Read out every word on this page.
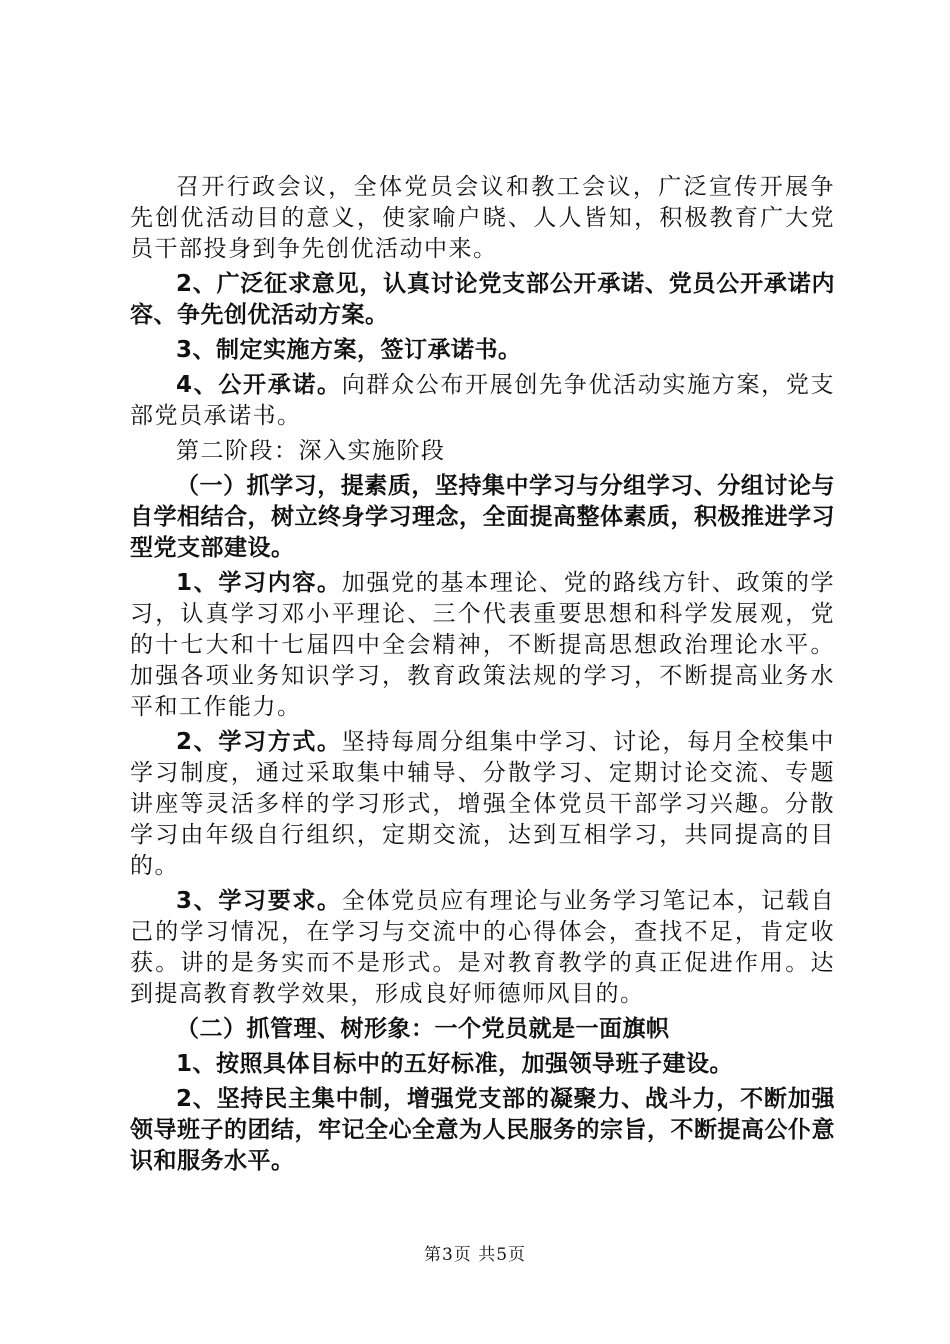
召开行政会议，全体党员会议和教工会议，广泛宣传开展争先创优活动目的意义，使家喻户晓、人人皆知，积极教育广大党员干部投身到争先创优活动中来。

2、广泛征求意见，认真讨论党支部公开承诺、党员公开承诺内容、争先创优活动方案。

3、制定实施方案，签订承诺书。

4、公开承诺。向群众公布开展创先争优活动实施方案，党支部党员承诺书。

第二阶段：深入实施阶段

（一）抓学习，提素质，坚持集中学习与分组学习、分组讨论与自学相结合，树立终身学习理念，全面提高整体素质，积极推进学习型党支部建设。

1、学习内容。加强党的基本理论、党的路线方针、政策的学习，认真学习邓小平理论、三个代表重要思想和科学发展观，党的十七大和十七届四中全会精神，不断提高思想政治理论水平。加强各项业务知识学习，教育政策法规的学习，不断提高业务水平和工作能力。

2、学习方式。坚持每周分组集中学习、讨论，每月全校集中学习制度，通过采取集中辅导、分散学习、定期讨论交流、专题讲座等灵活多样的学习形式，增强全体党员干部学习兴趣。分散学习由年级自行组织，定期交流，达到互相学习，共同提高的目的。

3、学习要求。全体党员应有理论与业务学习笔记本，记载自己的学习情况，在学习与交流中的心得体会，查找不足，肯定收获。讲的是务实而不是形式。是对教育教学的真正促进作用。达到提高教育教学效果，形成良好师德师风目的。

（二）抓管理、树形象：一个党员就是一面旗帜

1、按照具体目标中的五好标准，加强领导班子建设。

2、坚持民主集中制，增强党支部的凝聚力、战斗力，不断加强领导班子的团结，牢记全心全意为人民服务的宗旨，不断提高公仆意识和服务水平。

第3页 共5页
